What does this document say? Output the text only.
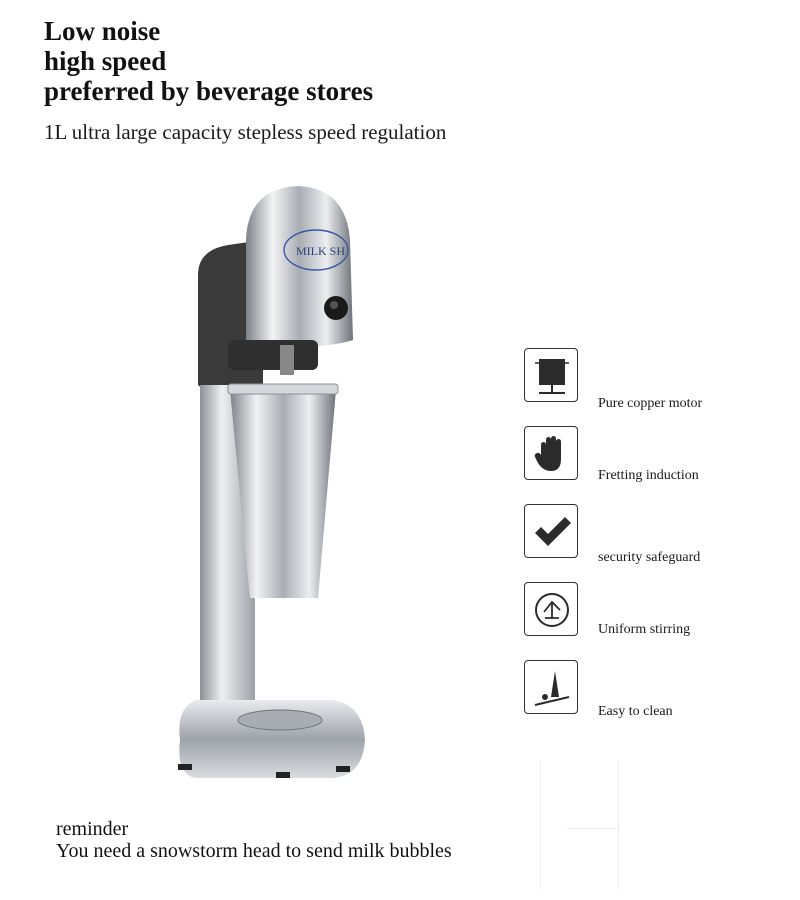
Low noise
high speed
preferred by beverage stores
1L ultra large capacity stepless speed regulation
MILK SH
Pure copper motor
Fretting induction
security safeguard
Uniform stirring
Easy to clean
reminder
You need a snowstorm head to send milk bubbles
